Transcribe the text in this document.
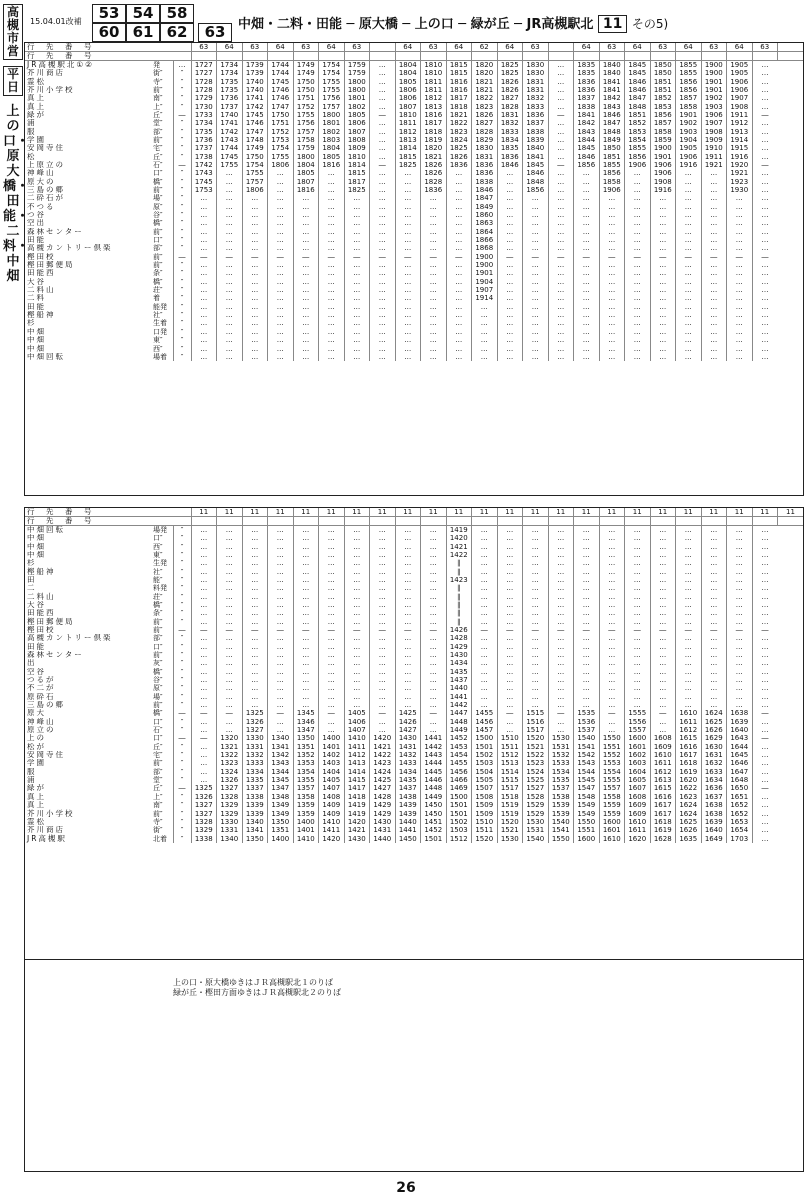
高槻市営
平日
上の口・原大橋・田能・二料・中畑
15.04.01改補	53 54 58
60 61 62	63 中畑・二料・田能 ─ 原大橋 ─ 上の口 ─ 緑が丘 ─ JR高槻駅北 11 その5)
行　先　番　号			63	64	63	64	63	64	63		64	63	64	62	64	63		64	63	64	63	64	63	64	63	
行　先　番　号																										
JR高槻駅北①②	発	…	1727	1734	1739	1744	1749	1754	1759	…	1804	1810	1815	1820	1825	1830	…	1835	1840	1845	1850	1855	1900	1905	…	
芥川商店	街″	″	1727	1734	1739	1744	1749	1754	1759	…	1804	1810	1815	1820	1825	1830	…	1835	1840	1845	1850	1855	1900	1905	…	
霊松	寺″	″	1728	1735	1740	1745	1750	1755	1800	…	1805	1811	1816	1821	1826	1831	…	1836	1841	1846	1851	1856	1901	1906	…	
芥川小学校	前″	″	1728	1735	1740	1746	1750	1755	1800	…	1806	1811	1816	1821	1826	1831	…	1836	1841	1846	1851	1856	1901	1906	…	
真上	南″	″	1729	1736	1741	1746	1751	1756	1801	…	1806	1812	1817	1822	1827	1832	…	1837	1842	1847	1852	1857	1902	1907	…	
真上	上″	″	1730	1737	1742	1747	1752	1757	1802	…	1807	1813	1818	1823	1828	1833	…	1838	1843	1848	1853	1858	1903	1908	…	
緑が	丘″	―	1733	1740	1745	1750	1755	1800	1805	―	1810	1816	1821	1826	1831	1836	―	1841	1846	1851	1856	1901	1906	1911	―	
浦	堂″	″	1734	1741	1746	1751	1756	1801	1806	…	1811	1817	1822	1827	1832	1837	…	1842	1847	1852	1857	1902	1907	1912	…	
服	部″	″	1735	1742	1747	1752	1757	1802	1807	…	1812	1818	1823	1828	1833	1838	…	1843	1848	1853	1858	1903	1908	1913	…	
学園	前″	″	1736	1743	1748	1753	1758	1803	1808	…	1813	1819	1824	1829	1834	1839	…	1844	1849	1854	1859	1904	1909	1914	…	
安岡寺住	宅″	″	1737	1744	1749	1754	1759	1804	1809	…	1814	1820	1825	1830	1835	1840	…	1845	1850	1855	1900	1905	1910	1915	…	
松	丘″	″	1738	1745	1750	1755	1800	1805	1810	…	1815	1821	1826	1831	1836	1841	…	1846	1851	1856	1901	1906	1911	1916	…	
上原立の	石″	―	1742	1755	1754	1806	1804	1816	1814	―	1825	1826	1836	1836	1846	1845	―	1856	1855	1906	1906	1916	1921	1920	―	
神峰山	口″	″	1743	…	1755	…	1805	…	1815	…	…	1826	…	1836	…	1846	…	…	1856	…	1906	…	…	1921	…	
原大の	橋″	″	1745	…	1757	…	1807	…	1817	…	…	1828	…	1838	…	1848	…	…	1858	…	1908	…	…	1923	…	
三島の郷	前″	″	1753	…	1806	…	1816	…	1825	…	…	1836	…	1846	…	1856	…	…	1906	…	1916	…	…	1930	…	
二砕石が	場″	″	…	…	…	…	…	…	…	…	…	…	…	1847	…	…	…	…	…	…	…	…	…	…	…	
不つる	原″	″	…	…	…	…	…	…	…	…	…	…	…	1849	…	…	…	…	…	…	…	…	…	…	…	
つ谷	谷″	″	…	…	…	…	…	…	…	…	…	…	…	1860	…	…	…	…	…	…	…	…	…	…	…	
空出	橋″	″	…	…	…	…	…	…	…	…	…	…	…	1863	…	…	…	…	…	…	…	…	…	…	…	
森林センター	前″	″	…	…	…	…	…	…	…	…	…	…	…	1864	…	…	…	…	…	…	…	…	…	…	…	
田能	口″	″	…	…	…	…	…	…	…	…	…	…	…	1866	…	…	…	…	…	…	…	…	…	…	…	
高槻カントリー倶楽	部″	″	…	…	…	…	…	…	…	…	…	…	…	1868	…	…	…	…	…	…	…	…	…	…	…	
樫田校	前″	―	―	―	―	―	―	―	―	―	―	―	―	1900	―	―	―	―	―	―	―	―	―	―	―	
樫田郵便局	前″	″	…	…	…	…	…	…	…	…	…	…	…	1900	…	…	…	…	…	…	…	…	…	…	…	
田能西	条″	″	…	…	…	…	…	…	…	…	…	…	…	1901	…	…	…	…	…	…	…	…	…	…	…	
大谷	橋″	″	…	…	…	…	…	…	…	…	…	…	…	1904	…	…	…	…	…	…	…	…	…	…	…	
二料山	荘″	″	…	…	…	…	…	…	…	…	…	…	…	1907	…	…	…	…	…	…	…	…	…	…	…	
二料	着	″	…	…	…	…	…	…	…	…	…	…	…	1914	…	…	…	…	…	…	…	…	…	…	…	
田能	能発	″	…	…	…	…	…	…	…	…	…	…	…	…	…	…	…	…	…	…	…	…	…	…	…	
樫船神	社″	″	…	…	…	…	…	…	…	…	…	…	…	…	…	…	…	…	…	…	…	…	…	…	…	
杉	生着	″	…	…	…	…	…	…	…	…	…	…	…	…	…	…	…	…	…	…	…	…	…	…	…	
中畑	口発	″	…	…	…	…	…	…	…	…	…	…	…	…	…	…	…	…	…	…	…	…	…	…	…	
中畑	東″	″	…	…	…	…	…	…	…	…	…	…	…	…	…	…	…	…	…	…	…	…	…	…	…	
中畑	西″	″	…	…	…	…	…	…	…	…	…	…	…	…	…	…	…	…	…	…	…	…	…	…	…	
中畑回転	場着	″	…	…	…	…	…	…	…	…	…	…	…	…	…	…	…	…	…	…	…	…	…	…	…	
行　先　番　号			11	11	11	11	11	11	11	11	11	11	11	11	11	11	11	11	11	11	11	11	11	11	11	11
行　先　番　号																										
中畑回転	場発	″	…	…	…	…	…	…	…	…	…	…	1419	…	…	…	…	…	…	…	…	…	…	…	…	
中畑	口″	″	…	…	…	…	…	…	…	…	…	…	1420	…	…	…	…	…	…	…	…	…	…	…	…	
中畑	西″	″	…	…	…	…	…	…	…	…	…	…	1421	…	…	…	…	…	…	…	…	…	…	…	…	
中畑	東″	″	…	…	…	…	…	…	…	…	…	…	1422	…	…	…	…	…	…	…	…	…	…	…	…	
杉	生発	″	…	…	…	…	…	…	…	…	…	…	∥	…	…	…	…	…	…	…	…	…	…	…	…	
樫船神	社″	″	…	…	…	…	…	…	…	…	…	…	∥	…	…	…	…	…	…	…	…	…	…	…	…	
田	能″	″	…	…	…	…	…	…	…	…	…	…	1423	…	…	…	…	…	…	…	…	…	…	…	…	
二	料発	″	…	…	…	…	…	…	…	…	…	…	∥	…	…	…	…	…	…	…	…	…	…	…	…	
二料山	荘″	″	…	…	…	…	…	…	…	…	…	…	∥	…	…	…	…	…	…	…	…	…	…	…	…	
大谷	橋″	″	…	…	…	…	…	…	…	…	…	…	∥	…	…	…	…	…	…	…	…	…	…	…	…	
田能西	条″	″	…	…	…	…	…	…	…	…	…	…	∥	…	…	…	…	…	…	…	…	…	…	…	…	
樫田郵便局	前″	″	…	…	…	…	…	…	…	…	…	…	∥	…	…	…	…	…	…	…	…	…	…	…	…	
樫田校	前″	―	―	―	―	―	―	―	―	―	―	―	1426	―	―	―	―	―	―	―	―	―	―	―	―	
高槻カントリー倶楽	部″	″	…	…	…	…	…	…	…	…	…	…	1428	…	…	…	…	…	…	…	…	…	…	…	…	
田能	口″	″	…	…	…	…	…	…	…	…	…	…	1429	…	…	…	…	…	…	…	…	…	…	…	…	
森林センター	前″	″	…	…	…	…	…	…	…	…	…	…	1430	…	…	…	…	…	…	…	…	…	…	…	…	
出	灰″	″	…	…	…	…	…	…	…	…	…	…	1434	…	…	…	…	…	…	…	…	…	…	…	…	
空谷	橋″	″	…	…	…	…	…	…	…	…	…	…	1435	…	…	…	…	…	…	…	…	…	…	…	…	
つるが	谷″	″	…	…	…	…	…	…	…	…	…	…	1437	…	…	…	…	…	…	…	…	…	…	…	…	
不二が	原″	″	…	…	…	…	…	…	…	…	…	…	1440	…	…	…	…	…	…	…	…	…	…	…	…	
原砕石	場″	″	…	…	…	…	…	…	…	…	…	…	1441	…	…	…	…	…	…	…	…	…	…	…	…	
三島の郷	前″	″	…	…	…	…	…	…	…	…	…	…	1442	…	…	…	…	…	…	…	…	…	…	…	…	
原大	橋″	―	―	―	1325	―	1345	―	1405	―	1425	―	1447	1455	―	1515	―	1535	―	1555	―	1610	1624	1638	―	
神峰山	口″	″	…	…	1326	…	1346	…	1406	…	1426	…	1448	1456	…	1516	…	1536	…	1556	…	1611	1625	1639	…	
原立の	石″	″	…	…	1327	…	1347	…	1407	…	1427	…	1449	1457	…	1517	…	1537	…	1557	…	1612	1626	1640	…	
上の	口″	―	―	1320	1330	1340	1350	1400	1410	1420	1430	1441	1452	1500	1510	1520	1530	1540	1550	1600	1608	1615	1629	1643	―	
松が	丘″	″	…	1321	1331	1341	1351	1401	1411	1421	1431	1442	1453	1501	1511	1521	1531	1541	1551	1601	1609	1616	1630	1644	…	
安岡寺住	宅″	″	…	1322	1332	1342	1352	1402	1412	1422	1432	1443	1454	1502	1512	1522	1532	1542	1552	1602	1610	1617	1631	1645	…	
学園	前″	″	…	1323	1333	1343	1353	1403	1413	1423	1433	1444	1455	1503	1513	1523	1533	1543	1553	1603	1611	1618	1632	1646	…	
服	部″	″	…	1324	1334	1344	1354	1404	1414	1424	1434	1445	1456	1504	1514	1524	1534	1544	1554	1604	1612	1619	1633	1647	…	
浦	堂″	″	…	1326	1335	1345	1355	1405	1415	1425	1435	1446	1466	1505	1515	1525	1535	1545	1555	1605	1613	1620	1634	1648	…	
緑が	丘″	―	1325	1327	1337	1347	1357	1407	1417	1427	1437	1448	1469	1507	1517	1527	1537	1547	1557	1607	1615	1622	1636	1650	―	
真上	上″	″	1326	1328	1338	1348	1358	1408	1418	1428	1438	1449	1500	1508	1518	1528	1538	1548	1558	1608	1616	1623	1637	1651	…	
真上	南″	″	1327	1329	1339	1349	1359	1409	1419	1429	1439	1450	1501	1509	1519	1529	1539	1549	1559	1609	1617	1624	1638	1652	…	
芥川小学校	前″	″	1327	1329	1339	1349	1359	1409	1419	1429	1439	1450	1501	1509	1519	1529	1539	1549	1559	1609	1617	1624	1638	1652	…	
霊松	寺″	″	1328	1330	1340	1350	1400	1410	1420	1430	1440	1451	1502	1510	1520	1530	1540	1550	1600	1610	1618	1625	1639	1653	…	
芥川商店	街″	″	1329	1331	1341	1351	1401	1411	1421	1431	1441	1452	1503	1511	1521	1531	1541	1551	1601	1611	1619	1626	1640	1654	…	
JR高槻駅	北着	″	1338	1340	1350	1400	1410	1420	1430	1440	1450	1501	1512	1520	1530	1540	1550	1600	1610	1620	1628	1635	1649	1703	…	
上の口・原大橋ゆきはＪＲ高槻駅北１のりば
緑が丘・樫田方面ゆきはＪＲ高槻駅北２のりば
26
